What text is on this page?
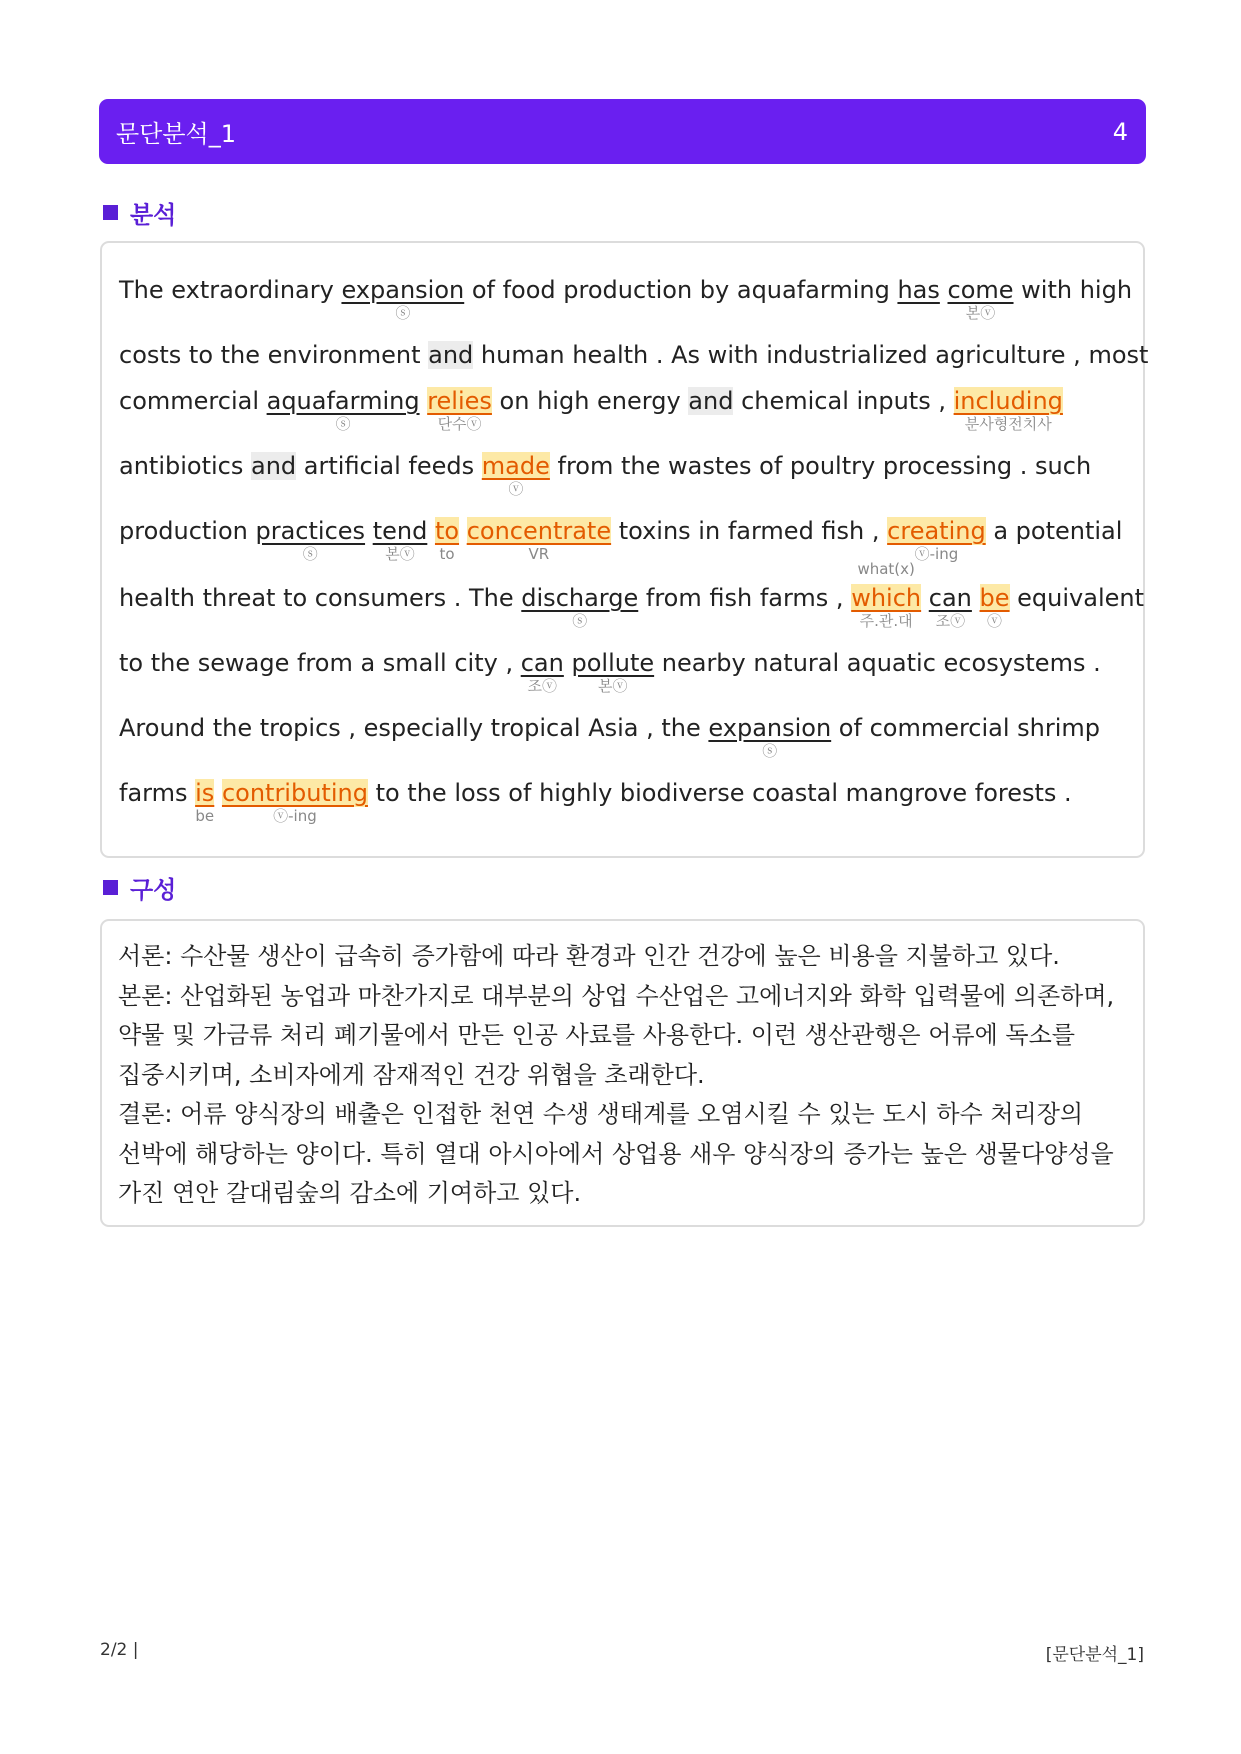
문단분석_1	4
분석
The extraordinary expansion
ⓢ
of food production by aquafarming has come
본ⓥ
with high
costs to the environment and human health . As with industrialized agriculture , most
commercial aquafarming
ⓢ
relies
단수ⓥ
on high energy and chemical inputs , including
분사형전치사
antibiotics and artificial feeds made
ⓥ
from the wastes of poultry processing . such
production practices
ⓢ
tend
본ⓥ
to
to
concentrate
VR
toxins in farmed fish , creating
ⓥ-ing
a potential
health threat to consumers . The discharge
ⓢ
from fish farms , which
주.관.대
what(x)
can
조ⓥ
be
ⓥ
equivalent
to the sewage from a small city , can
조ⓥ
pollute
본ⓥ
nearby natural aquatic ecosystems .
Around the tropics , especially tropical Asia , the expansion
ⓢ
of commercial shrimp
farms is
be
contributing
ⓥ-ing
to the loss of highly biodiverse coastal mangrove forests .
구성

서론: 수산물 생산이 급속히 증가함에 따라 환경과 인간 건강에 높은 비용을 지불하고 있다.
본론: 산업화된 농업과 마찬가지로 대부분의 상업 수산업은 고에너지와 화학 입력물에 의존하며,
약물 및 가금류 처리 폐기물에서 만든 인공 사료를 사용한다. 이런 생산관행은 어류에 독소를
집중시키며, 소비자에게 잠재적인 건강 위협을 초래한다.
결론: 어류 양식장의 배출은 인접한 천연 수생 생태계를 오염시킬 수 있는 도시 하수 처리장의
선박에 해당하는 양이다. 특히 열대 아시아에서 상업용 새우 양식장의 증가는 높은 생물다양성을
가진 연안 갈대림숲의 감소에 기여하고 있다.

2/2 |	[문단분석_1]
